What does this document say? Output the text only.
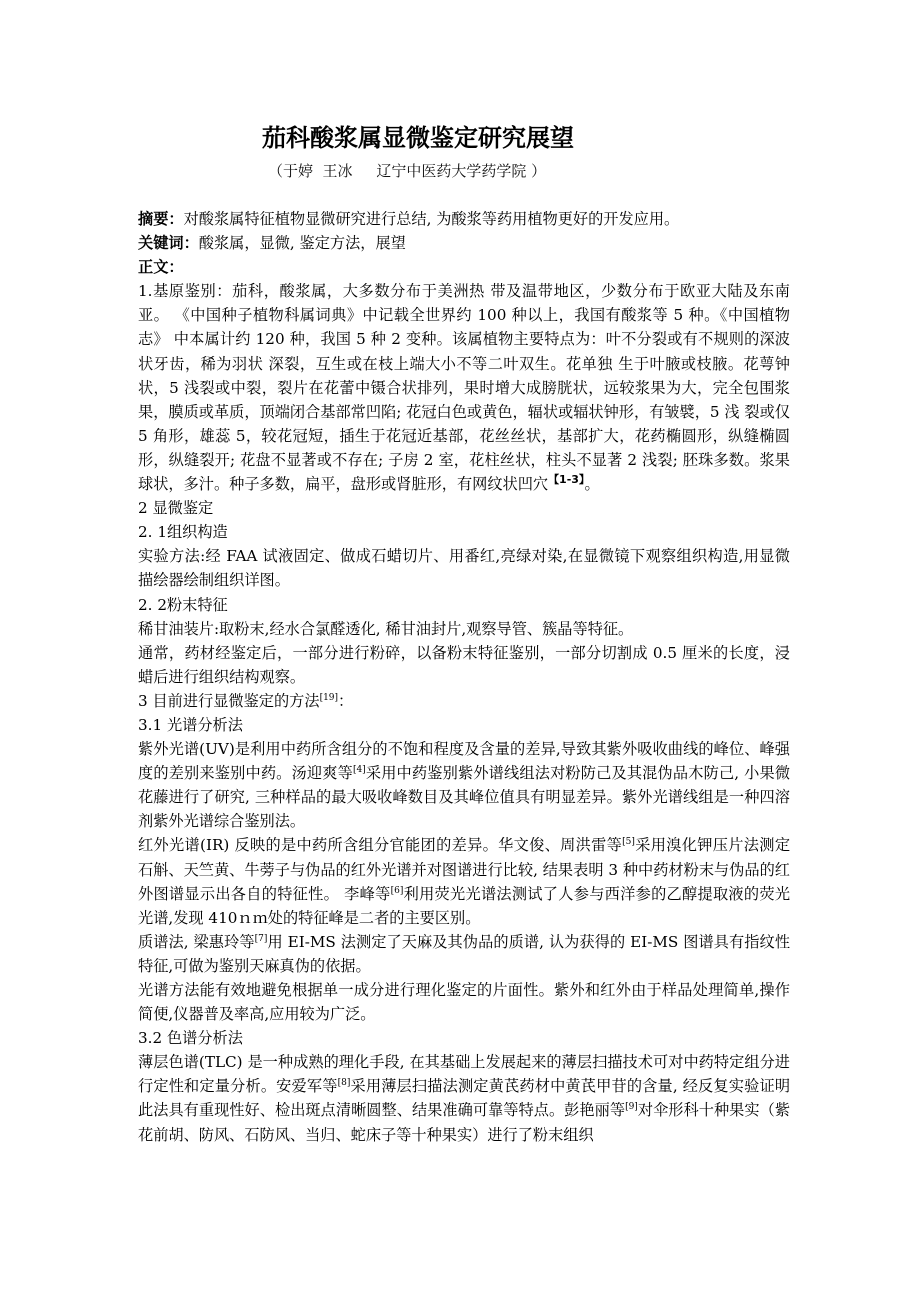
茄科酸浆属显微鉴定研究展望
（于婷  王冰     辽宁中医药大学药学院 ）

摘要：对酸浆属特征植物显微研究进行总结, 为酸浆等药用植物更好的开发应用。

关键词：酸浆属，显微, 鉴定方法，展望

正文：

1.基原鉴别：茄科，酸浆属，大多数分布于美洲热 带及温带地区，少数分布于欧亚大陆及东南亚。 《中国种子植物科属词典》中记载全世界约 100 种以上，我国有酸浆等 5 种。《中国植物志》 中本属计约 120 种，我国 5 种 2 变种。该属植物主要特点为：叶不分裂或有不规则的深波状牙齿，稀为羽状 深裂，互生或在枝上端大小不等二叶双生。花单独 生于叶腋或枝腋。花萼钟状，5 浅裂或中裂，裂片在花蕾中镊合状排列，果时增大成膀胱状，远较浆果为大，完全包围浆果，膜质或革质，顶端闭合基部常凹陷; 花冠白色或黄色，辐状或辐状钟形，有皱襞，5 浅 裂或仅 5 角形，雄蕊 5，较花冠短，插生于花冠近基部，花丝丝状，基部扩大，花药椭圆形，纵缝椭圆形，纵缝裂开; 花盘不显著或不存在; 子房 2 室，花柱丝状，柱头不显著 2 浅裂; 胚珠多数。浆果球状，多汁。种子多数，扁平，盘形或肾脏形，有网纹状凹穴$^{【1-3】}$。

2 显微鉴定

2. 1组织构造

实验方法:经 FAA 试液固定、做成石蜡切片、用番红,亮绿对染,在显微镜下观察组织构造,用显微描绘器绘制组织详图。

2. 2粉末特征

稀甘油装片:取粉末,经水合氯醛透化, 稀甘油封片,观察导管、簇晶等特征。

通常，药材经鉴定后，一部分进行粉碎，以备粉末特征鉴别，一部分切割成 0.5 厘米的长度，浸蜡后进行组织结构观察。

3 目前进行显微鉴定的方法[19]：

3.1 光谱分析法

紫外光谱(UV)是利用中药所含组分的不饱和程度及含量的差异,导致其紫外吸收曲线的峰位、峰强度的差别来鉴别中药。汤迎爽等[4]采用中药鉴别紫外谱线组法对粉防己及其混伪品木防己, 小果微花藤进行了研究, 三种样品的最大吸收峰数目及其峰位值具有明显差异。紫外光谱线组是一种四溶剂紫外光谱综合鉴别法。

红外光谱(IR) 反映的是中药所含组分官能团的差异。华文俊、周洪雷等[5]采用溴化钾压片法测定石斛、天竺黄、牛蒡子与伪品的红外光谱并对图谱进行比较, 结果表明 3 种中药材粉末与伪品的红外图谱显示出各自的特征性。 李峰等[6]利用荧光光谱法测试了人参与西洋参的乙醇提取液的荧光光谱,发现 410ｎｍ处的特征峰是二者的主要区别。

质谱法, 梁惠玲等[7]用 EI-MS 法测定了天麻及其伪品的质谱, 认为获得的 EI-MS 图谱具有指纹性特征,可做为鉴别天麻真伪的依据。

光谱方法能有效地避免根据单一成分进行理化鉴定的片面性。紫外和红外由于样品处理简单,操作简便,仪器普及率高,应用较为广泛。

3.2 色谱分析法

薄层色谱(TLC) 是一种成熟的理化手段, 在其基础上发展起来的薄层扫描技术可对中药特定组分进行定性和定量分析。安爱军等[8]采用薄层扫描法测定黄芪药材中黄芪甲苷的含量, 经反复实验证明此法具有重现性好、检出斑点清晰圆整、结果准确可靠等特点。彭艳丽等[9]对伞形科十种果实（紫花前胡、防风、石防风、当归、蛇床子等十种果实）进行了粉末组织
